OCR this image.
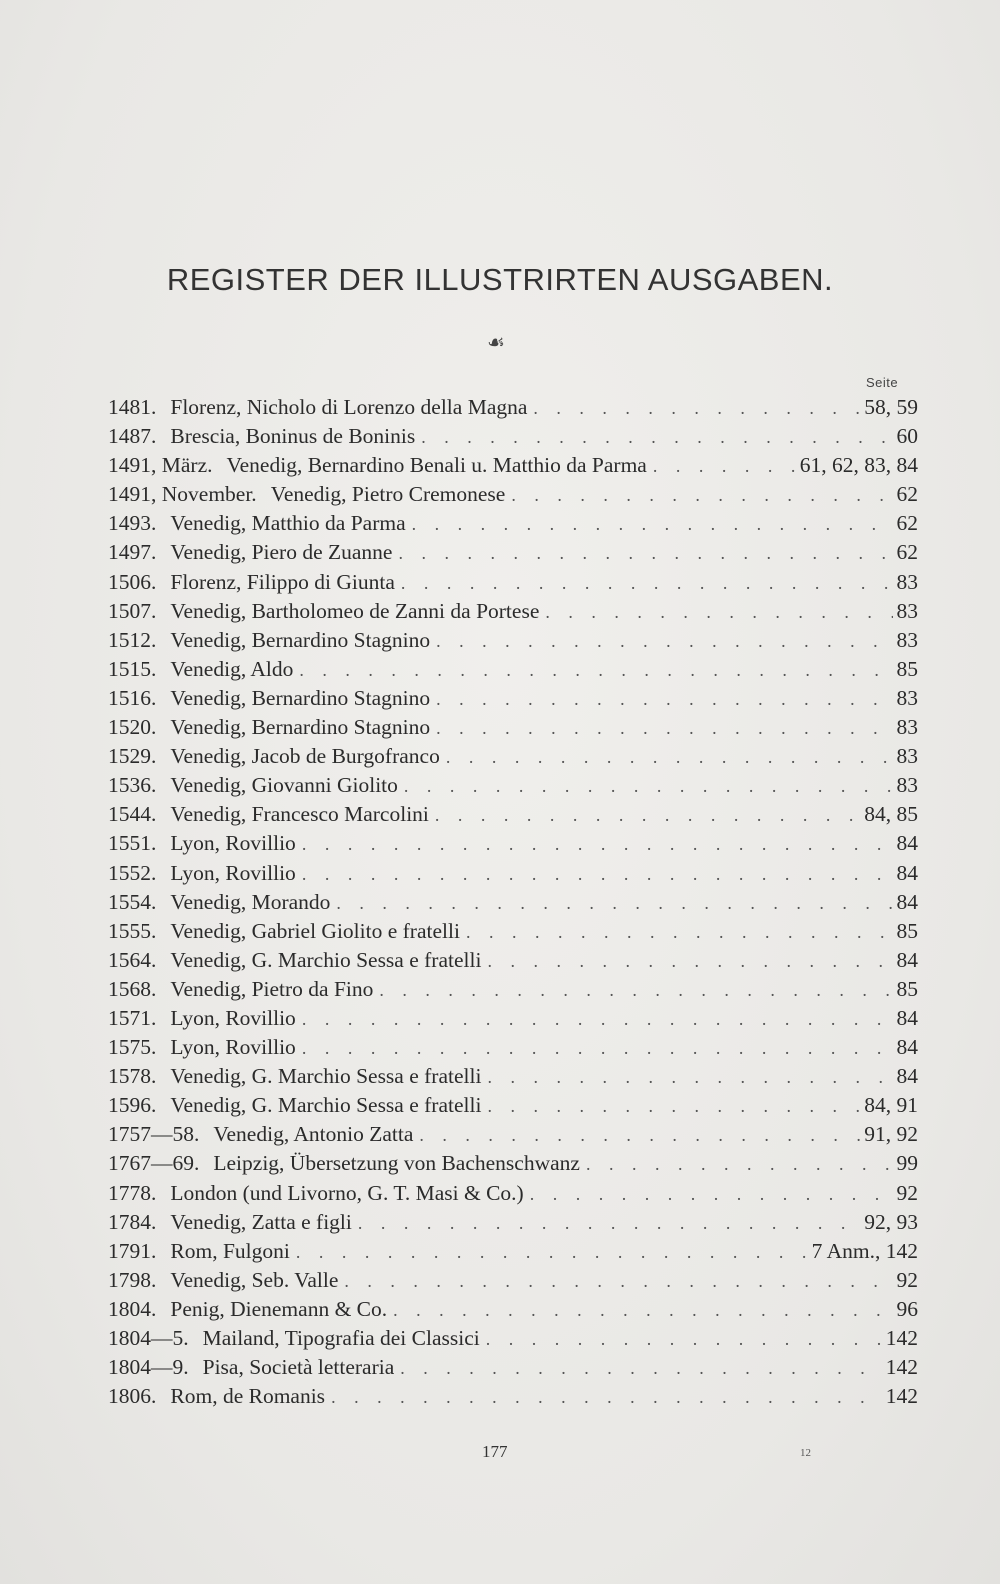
REGISTER DER ILLUSTRIRTEN AUSGABEN.
☙
Seite
1481. Florenz, Nicholo di Lorenzo della Magna . . .	58, 59
1487. Brescia, Boninus de Boninis . . .	60
1491, März. Venedig, Bernardino Benali u. Matthio da Parma . . .	61, 62, 83, 84
1491, November. Venedig, Pietro Cremonese . . .	62
1493. Venedig, Matthio da Parma . . .	62
1497. Venedig, Piero de Zuanne . . .	62
1506. Florenz, Filippo di Giunta . . .	83
1507. Venedig, Bartholomeo de Zanni da Portese . . .	83
1512. Venedig, Bernardino Stagnino . . .	83
1515. Venedig, Aldo . . .	85
1516. Venedig, Bernardino Stagnino . . .	83
1520. Venedig, Bernardino Stagnino . . .	83
1529. Venedig, Jacob de Burgofranco . . .	83
1536. Venedig, Giovanni Giolito . . .	83
1544. Venedig, Francesco Marcolini . . .	84, 85
1551. Lyon, Rovillio . . .	84
1552. Lyon, Rovillio . . .	84
1554. Venedig, Morando . . .	84
1555. Venedig, Gabriel Giolito e fratelli . . .	85
1564. Venedig, G. Marchio Sessa e fratelli . . .	84
1568. Venedig, Pietro da Fino . . .	85
1571. Lyon, Rovillio . . .	84
1575. Lyon, Rovillio . . .	84
1578. Venedig, G. Marchio Sessa e fratelli . . .	84
1596. Venedig, G. Marchio Sessa e fratelli . . .	84, 91
1757—58. Venedig, Antonio Zatta . . .	91, 92
1767—69. Leipzig, Übersetzung von Bachenschwanz . . .	99
1778. London (und Livorno, G. T. Masi & Co.) . . .	92
1784. Venedig, Zatta e figli . . .	92, 93
1791. Rom, Fulgoni . . .	7 Anm., 142
1798. Venedig, Seb. Valle . . .	92
1804. Penig, Dienemann & Co. . . .	96
1804—5. Mailand, Tipografia dei Classici . . .	142
1804—9. Pisa, Società letteraria . . .	142
1806. Rom, de Romanis . . .	142
177	12
